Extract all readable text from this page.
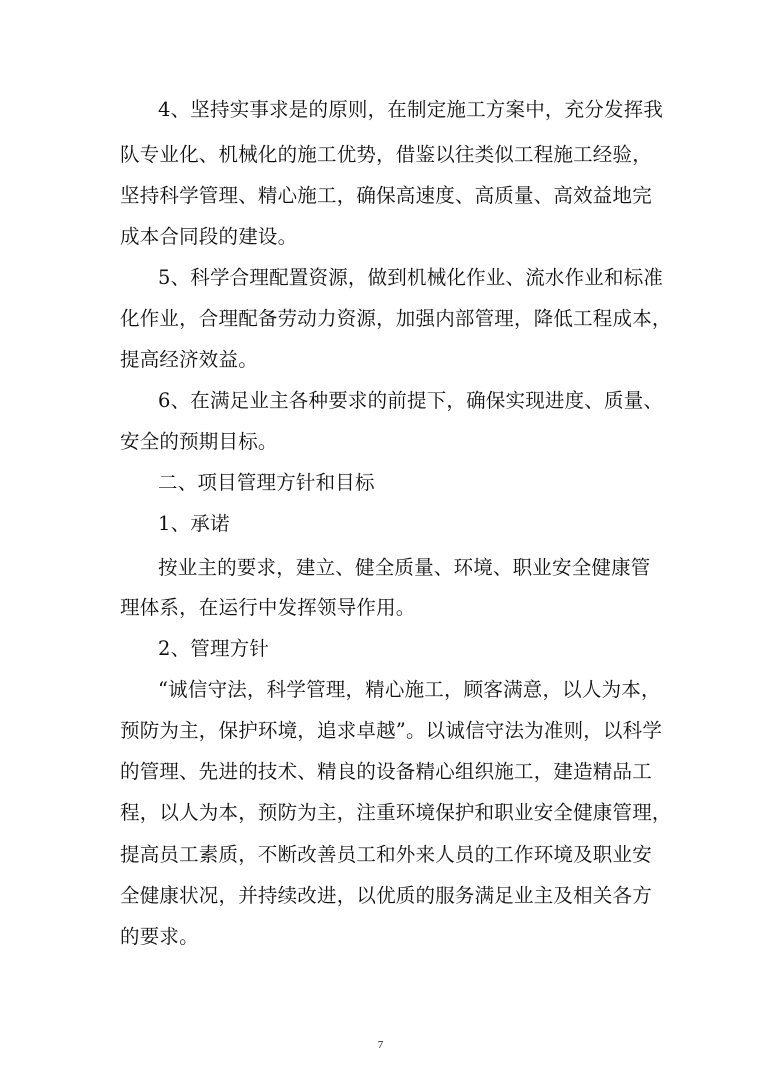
4、坚持实事求是的原则，在制定施工方案中，充分发挥我
队专业化、机械化的施工优势，借鉴以往类似工程施工经验，
坚持科学管理、精心施工，确保高速度、高质量、高效益地完
成本合同段的建设。
5、科学合理配置资源，做到机械化作业、流水作业和标准
化作业，合理配备劳动力资源，加强内部管理，降低工程成本，
提高经济效益。
6、在满足业主各种要求的前提下，确保实现进度、质量、
安全的预期目标。
二、项目管理方针和目标
1、承诺
按业主的要求，建立、健全质量、环境、职业安全健康管
理体系，在运行中发挥领导作用。
2、管理方针
“诚信守法，科学管理，精心施工，顾客满意，以人为本，
预防为主，保护环境，追求卓越”。以诚信守法为准则，以科学
的管理、先进的技术、精良的设备精心组织施工，建造精品工
程，以人为本，预防为主，注重环境保护和职业安全健康管理，
提高员工素质，不断改善员工和外来人员的工作环境及职业安
全健康状况，并持续改进，以优质的服务满足业主及相关各方
的要求。
7
